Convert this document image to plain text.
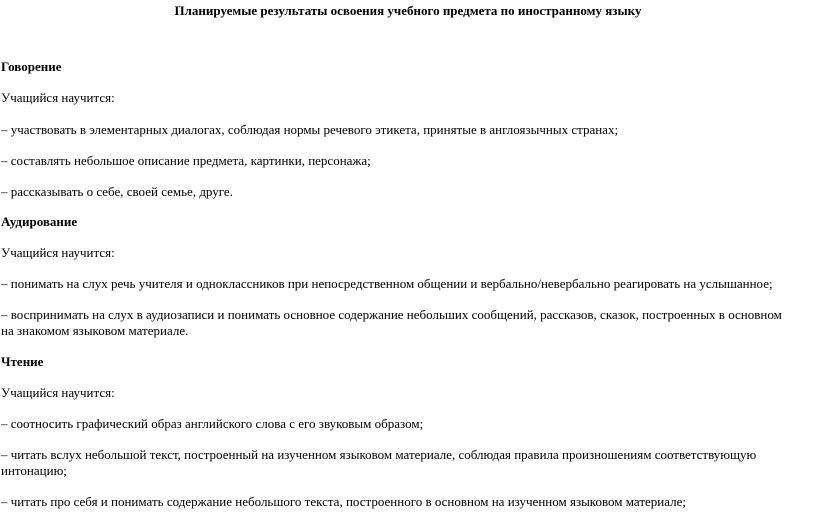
Планируемые результаты освоения учебного предмета по иностранному языку
Говорение
Учащийся научится:
– участвовать в элементарных диалогах, соблюдая нормы речевого этикета, принятые в англоязычных странах;
– составлять небольшое описание предмета, картинки, персонажа;
– рассказывать о себе, своей семье, друге.
Аудирование
Учащийся научится:
– понимать на слух речь учителя и одноклассников при непосредственном общении и вербально/невербально реагировать на услышанное;
– воспринимать на слух в аудиозаписи и понимать основное содержание небольших сообщений, рассказов, сказок, построенных в основном
на знакомом языковом материале.
Чтение
Учащийся научится:
– соотносить графический образ английского слова с его звуковым образом;
– читать вслух небольшой текст, построенный на изученном языковом материале, соблюдая правила произношениям соответствующую
интонацию;
– читать про себя и понимать содержание небольшого текста, построенного в основном на изученном языковом материале;
